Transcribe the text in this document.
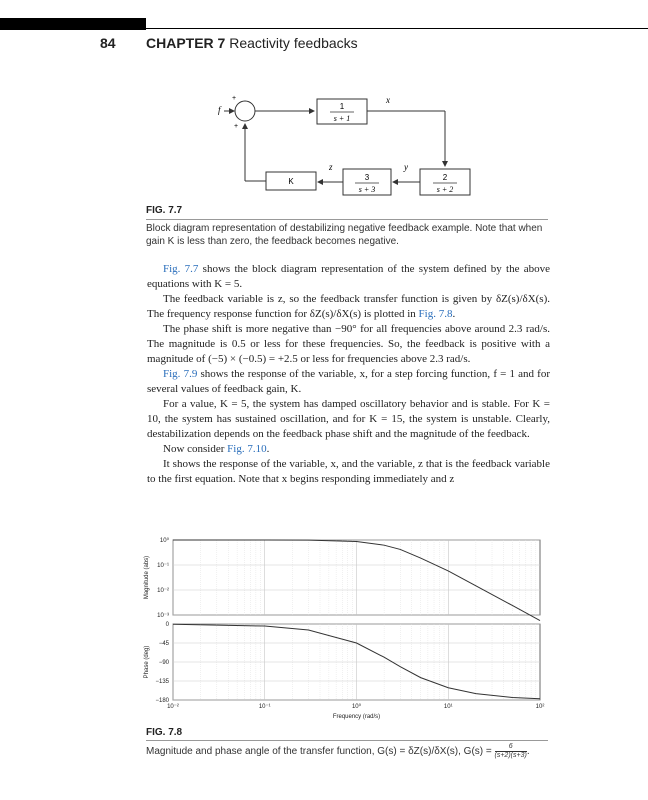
84 CHAPTER 7 Reactivity feedbacks
f
+
+
1
s + 1
x
2
s + 2
y
3
s + 3
z
K
FIG. 7.7
Block diagram representation of destabilizing negative feedback example. Note that when gain K is less than zero, the feedback becomes negative.

Fig. 7.7 shows the block diagram representation of the system defined by the above equations with K = 5.

The feedback variable is z, so the feedback transfer function is given by δZ(s)/δX(s). The frequency response function for δZ(s)/δX(s) is plotted in Fig. 7.8.

The phase shift is more negative than −90° for all frequencies above around 2.3 rad/s. The magnitude is 0.5 or less for these frequencies. So, the feedback is positive with a magnitude of (−5) × (−0.5) = +2.5 or less for frequencies above 2.3 rad/s.

Fig. 7.9 shows the response of the variable, x, for a step forcing function, f = 1 and for several values of feedback gain, K.

For a value, K = 5, the system has damped oscillatory behavior and is stable. For K = 10, the system has sustained oscillation, and for K = 15, the system is unstable. Clearly, destabilization depends on the feedback phase shift and the magnitude of the feedback.

Now consider Fig. 7.10.

It shows the response of the variable, x, and the variable, z that is the feedback variable to the first equation. Note that x begins responding immediately and z

10⁰
10⁻¹
10⁻²
10⁻³
Magnitude (abs)
0
−45
−90
−135
−180
Phase (deg)
10⁻²	10⁻¹	10⁰	10¹	10²
Frequency (rad/s)
FIG. 7.8
Magnitude and phase angle of the transfer function, G(s) = δZ(s)/δX(s), $G(s) = \frac{6}{(s+2)(s+3)}$ .
